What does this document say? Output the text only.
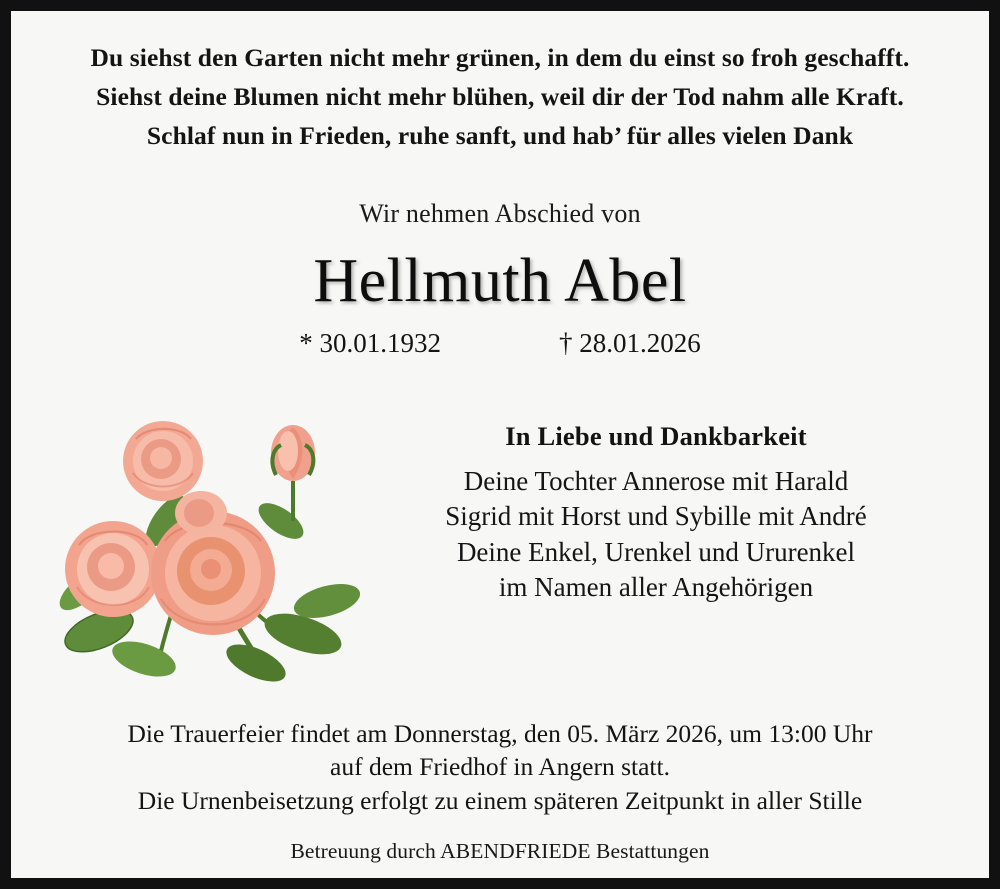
Du siehst den Garten nicht mehr grünen, in dem du einst so froh geschafft.
Siehst deine Blumen nicht mehr blühen, weil dir der Tod nahm alle Kraft.
Schlaf nun in Frieden, ruhe sanft, und hab’ für alles vielen Dank
Wir nehmen Abschied von
Hellmuth Abel
* 30.01.1932	† 28.01.2026
In Liebe und Dankbarkeit
Deine Tochter Annerose mit Harald
Sigrid mit Horst und Sybille mit André
Deine Enkel, Urenkel und Ururenkel
im Namen aller Angehörigen
Die Trauerfeier findet am Donnerstag, den 05. März 2026, um 13:00 Uhr
auf dem Friedhof in Angern statt.
Die Urnenbeisetzung erfolgt zu einem späteren Zeitpunkt in aller Stille
Betreuung durch ABENDFRIEDE Bestattungen
